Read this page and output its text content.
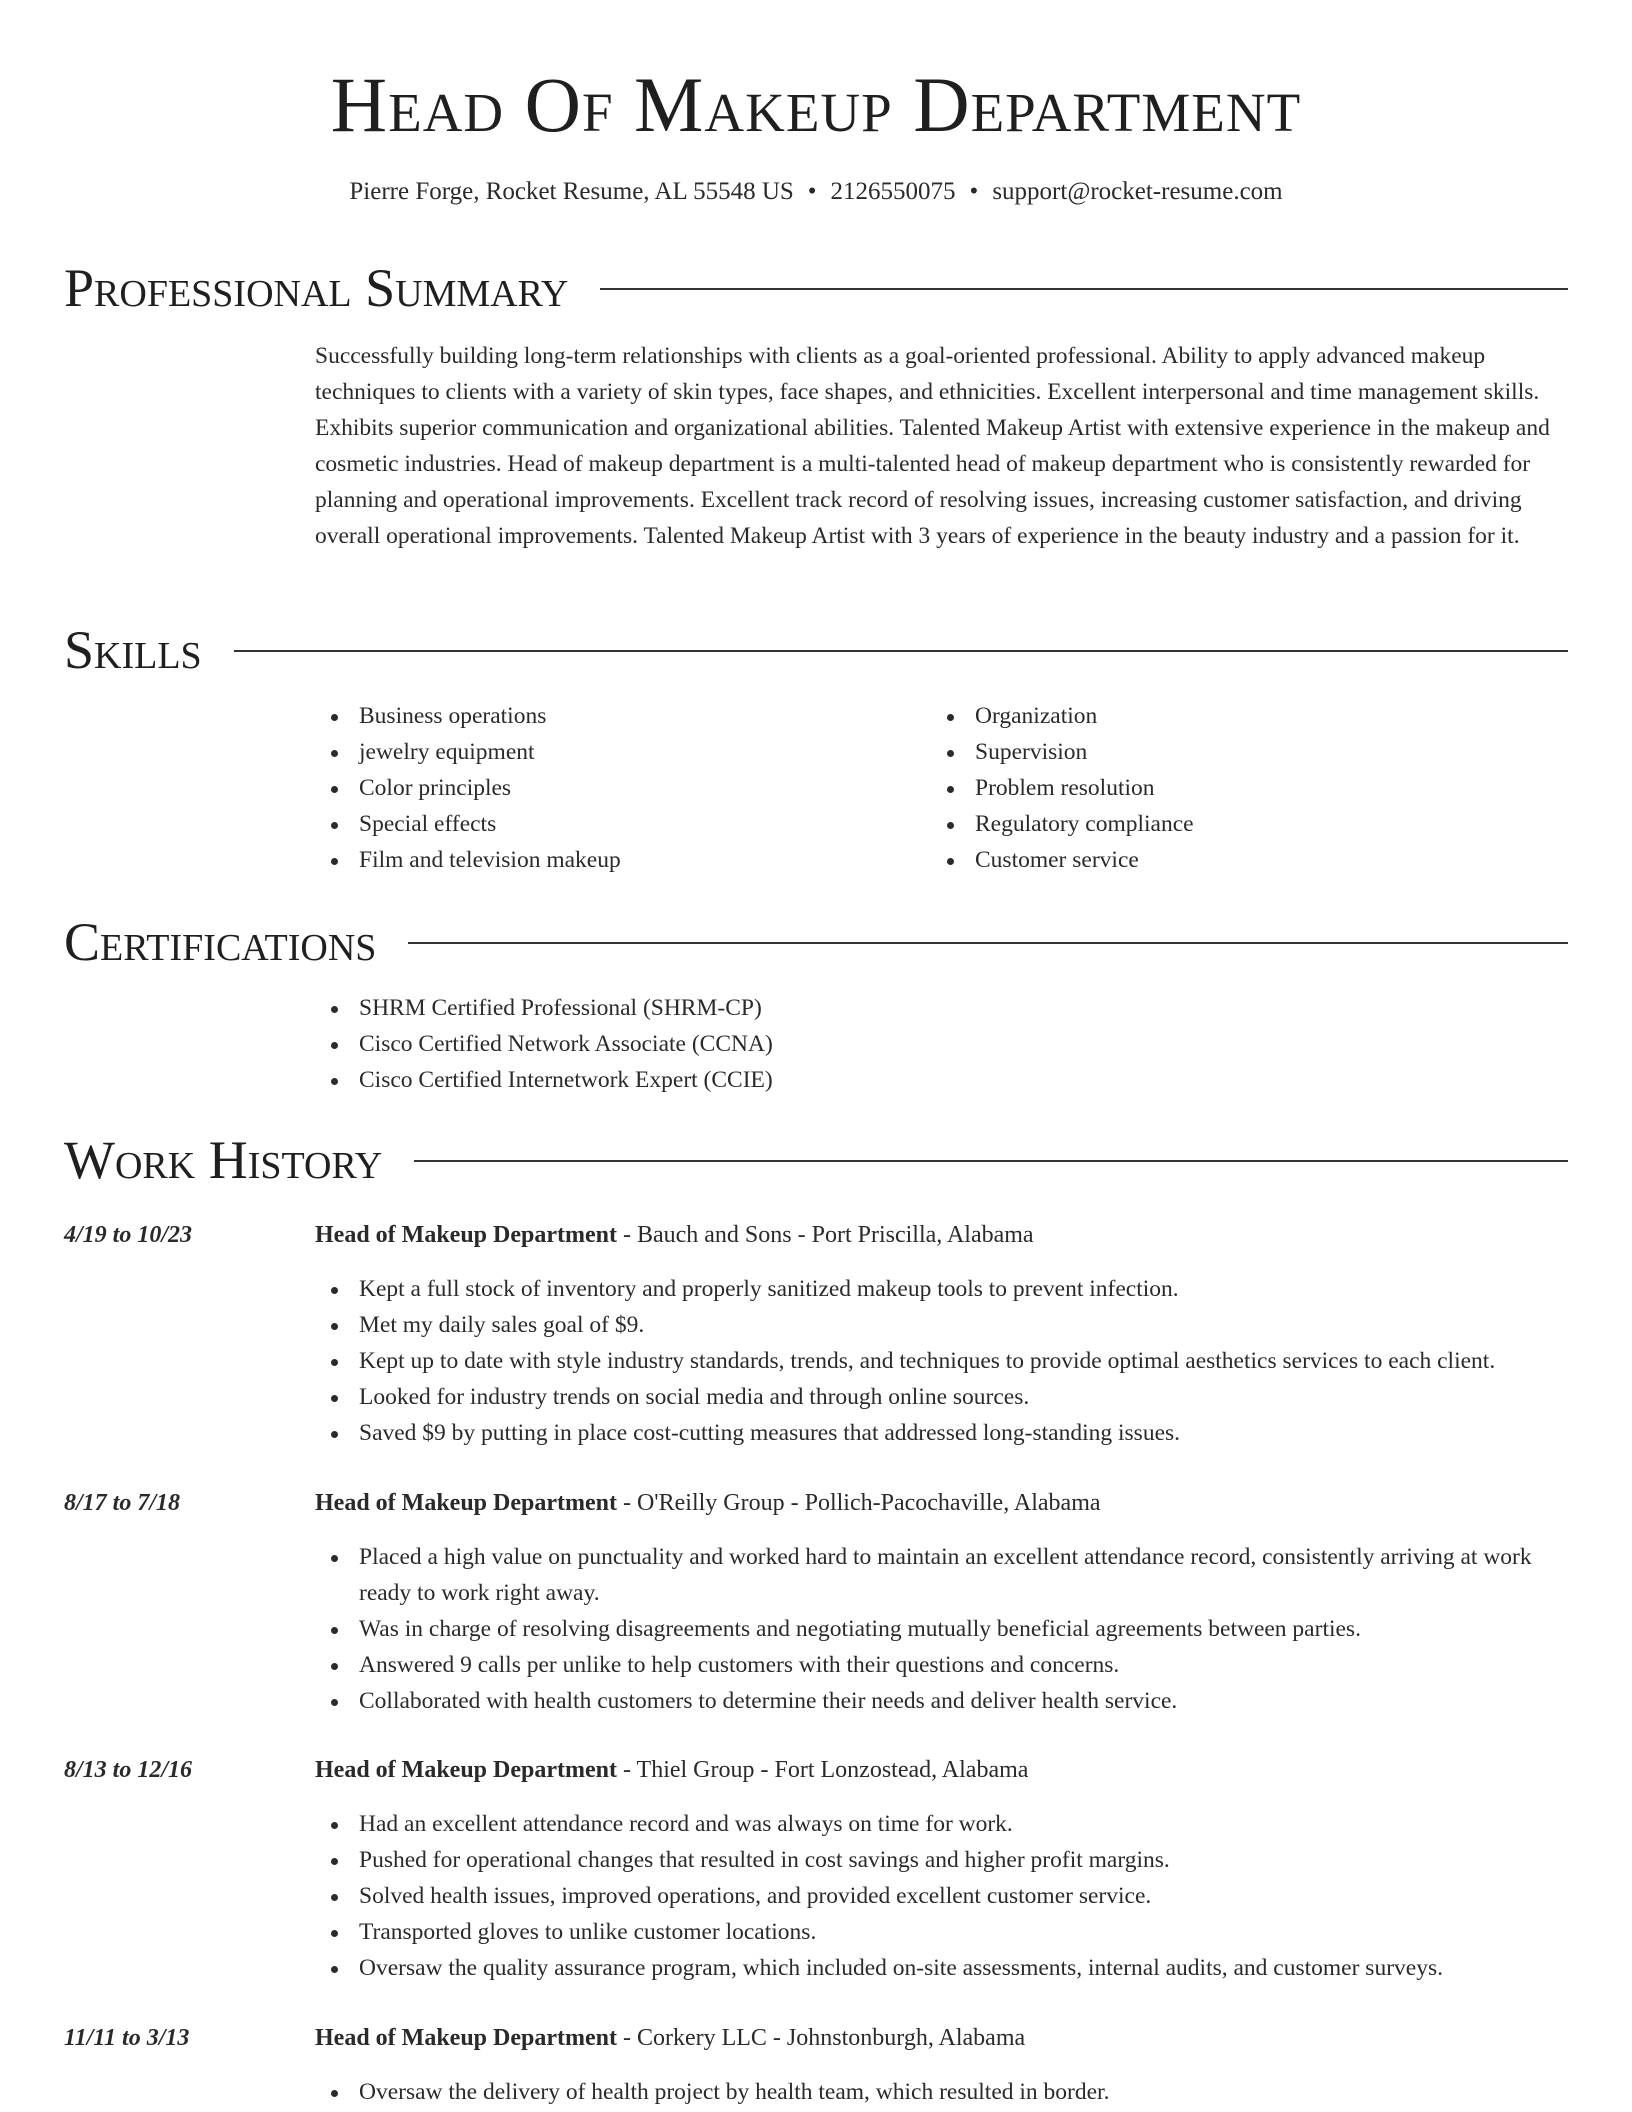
Head Of Makeup Department
Pierre Forge, Rocket Resume, AL 55548 US • 2126550075 • support@rocket-resume.com
Professional Summary

Successfully building long-term relationships with clients as a goal-oriented professional. Ability to apply advanced makeup techniques to clients with a variety of skin types, face shapes, and ethnicities. Excellent interpersonal and time management skills. Exhibits superior communication and organizational abilities. Talented Makeup Artist with extensive experience in the makeup and cosmetic industries. Head of makeup department is a multi-talented head of makeup department who is consistently rewarded for planning and operational improvements. Excellent track record of resolving issues, increasing customer satisfaction, and driving overall operational improvements. Talented Makeup Artist with 3 years of experience in the beauty industry and a passion for it.

Skills
Business operations
jewelry equipment
Color principles
Special effects
Film and television makeup
Organization
Supervision
Problem resolution
Regulatory compliance
Customer service
Certifications
SHRM Certified Professional (SHRM-CP)
Cisco Certified Network Associate (CCNA)
Cisco Certified Internetwork Expert (CCIE)
Work History
4/19 to 10/23	Head of Makeup Department - Bauch and Sons - Port Priscilla, Alabama
Kept a full stock of inventory and properly sanitized makeup tools to prevent infection.
Met my daily sales goal of $9.
Kept up to date with style industry standards, trends, and techniques to provide optimal aesthetics services to each client.
Looked for industry trends on social media and through online sources.
Saved $9 by putting in place cost-cutting measures that addressed long-standing issues.
8/17 to 7/18	Head of Makeup Department - O'Reilly Group - Pollich-Pacochaville, Alabama
Placed a high value on punctuality and worked hard to maintain an excellent attendance record, consistently arriving at work ready to work right away.
Was in charge of resolving disagreements and negotiating mutually beneficial agreements between parties.
Answered 9 calls per unlike to help customers with their questions and concerns.
Collaborated with health customers to determine their needs and deliver health service.
8/13 to 12/16	Head of Makeup Department - Thiel Group - Fort Lonzostead, Alabama
Had an excellent attendance record and was always on time for work.
Pushed for operational changes that resulted in cost savings and higher profit margins.
Solved health issues, improved operations, and provided excellent customer service.
Transported gloves to unlike customer locations.
Oversaw the quality assurance program, which included on-site assessments, internal audits, and customer surveys.
11/11 to 3/13	Head of Makeup Department - Corkery LLC - Johnstonburgh, Alabama
Oversaw the delivery of health project by health team, which resulted in border.
